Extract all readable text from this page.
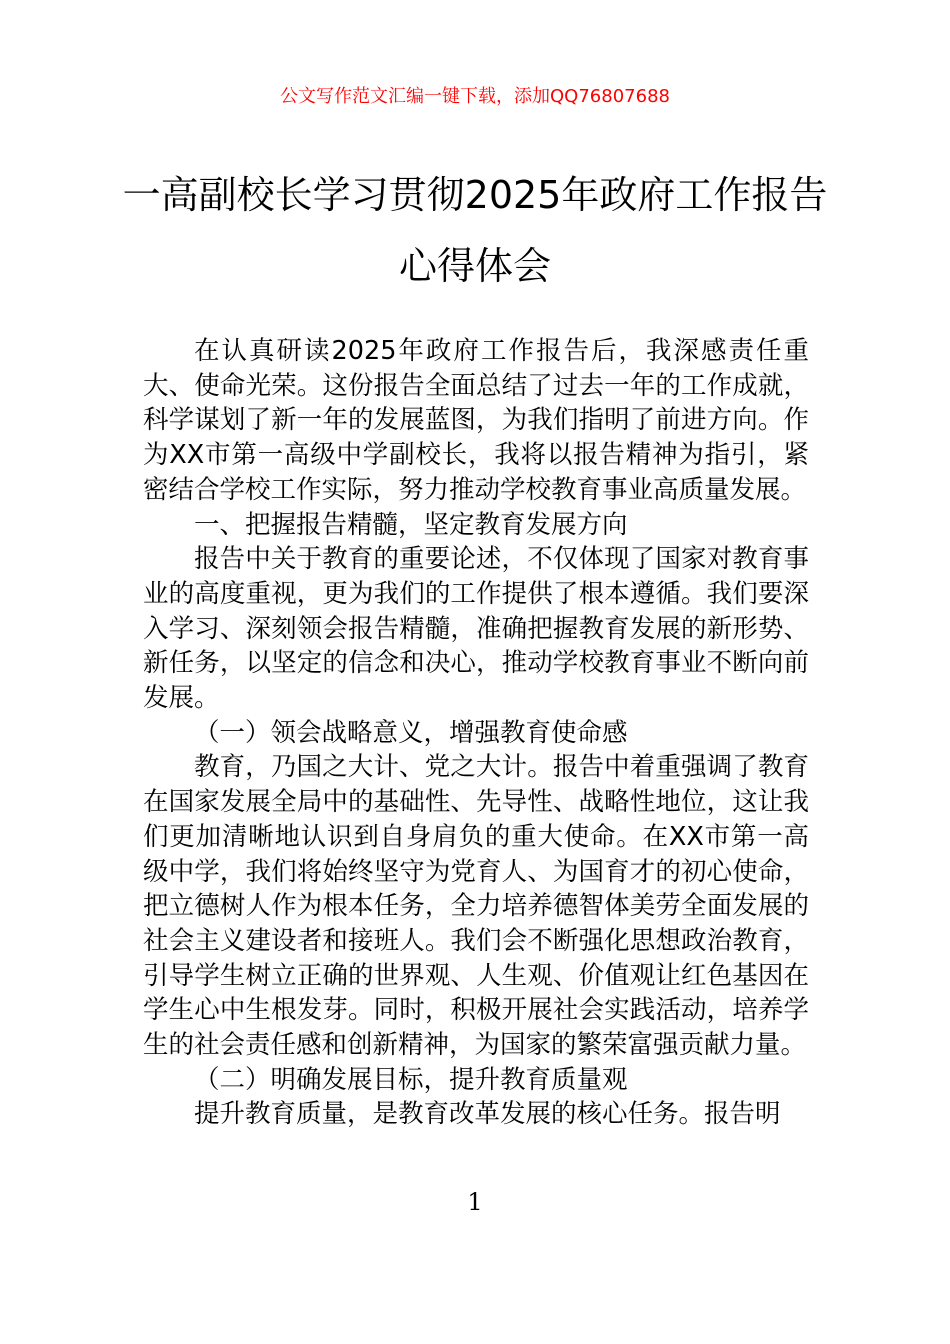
公文写作范文汇编一键下载，添加QQ76807688
一高副校长学习贯彻2025年政府工作报告
心得体会

在认真研读2025年政府工作报告后，我深感责任重大、使命光荣。这份报告全面总结了过去一年的工作成就，科学谋划了新一年的发展蓝图，为我们指明了前进方向。作为XX市第一高级中学副校长，我将以报告精神为指引，紧密结合学校工作实际，努力推动学校教育事业高质量发展。

一、把握报告精髓，坚定教育发展方向

报告中关于教育的重要论述，不仅体现了国家对教育事业的高度重视，更为我们的工作提供了根本遵循。我们要深入学习、深刻领会报告精髓，准确把握教育发展的新形势、新任务，以坚定的信念和决心，推动学校教育事业不断向前发展。

（一）领会战略意义，增强教育使命感

教育，乃国之大计、党之大计。报告中着重强调了教育在国家发展全局中的基础性、先导性、战略性地位，这让我们更加清晰地认识到自身肩负的重大使命。在XX市第一高级中学，我们将始终坚守为党育人、为国育才的初心使命，把立德树人作为根本任务，全力培养德智体美劳全面发展的社会主义建设者和接班人。我们会不断强化思想政治教育，引导学生树立正确的世界观、人生观、价值观让红色基因在学生心中生根发芽。同时，积极开展社会实践活动，培养学生的社会责任感和创新精神，为国家的繁荣富强贡献力量。

（二）明确发展目标，提升教育质量观

提升教育质量，是教育改革发展的核心任务。报告明

1
